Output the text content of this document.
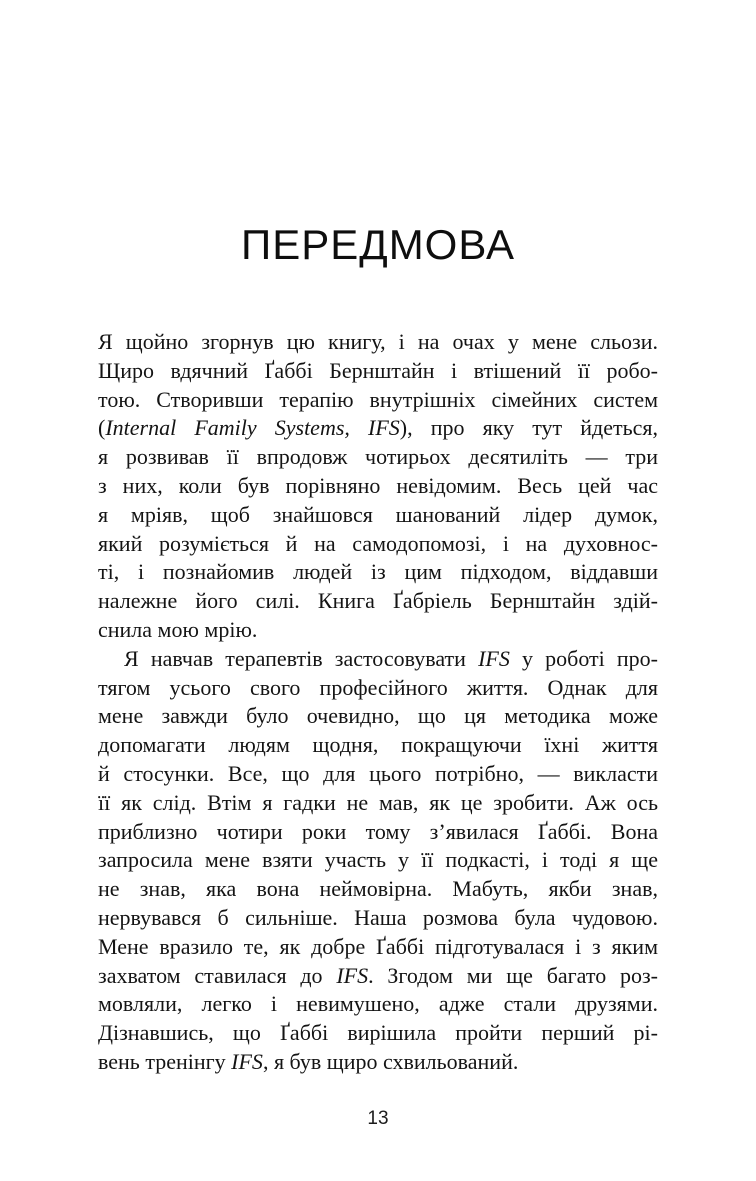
ПЕРЕДМОВА
Я щойно згорнув цю книгу, і на очах у мене сльози.
Щиро вдячний Ґаббі Бернштайн і втішений її робо-
тою. Створивши терапію внутрішніх сімейних систем
(Internal Family Systems, IFS), про яку тут йдеться,
я розвивав її впродовж чотирьох десятиліть — три
з них, коли був порівняно невідомим. Весь цей час
я мріяв, щоб знайшовся шанований лідер думок,
який розуміється й на самодопомозі, і на духовнос-
ті, і познайомив людей із цим підходом, віддавши
належне його силі. Книга Ґабріель Бернштайн здій-
снила мою мрію.
Я навчав терапевтів застосовувати IFS у роботі про-
тягом усього свого професійного життя. Однак для
мене завжди було очевидно, що ця методика може
допомагати людям щодня, покращуючи їхні життя
й стосунки. Все, що для цього потрібно, — викласти
її як слід. Втім я гадки не мав, як це зробити. Аж ось
приблизно чотири роки тому з’явилася Ґаббі. Вона
запросила мене взяти участь у її подкасті, і тоді я ще
не знав, яка вона неймовірна. Мабуть, якби знав,
нервувався б сильніше. Наша розмова була чудовою.
Мене вразило те, як добре Ґаббі підготувалася і з яким
захватом ставилася до IFS. Згодом ми ще багато роз-
мовляли, легко і невимушено, адже стали друзями.
Дізнавшись, що Ґаббі вирішила пройти перший рі-
вень тренінгу IFS, я був щиро схвильований.
13
